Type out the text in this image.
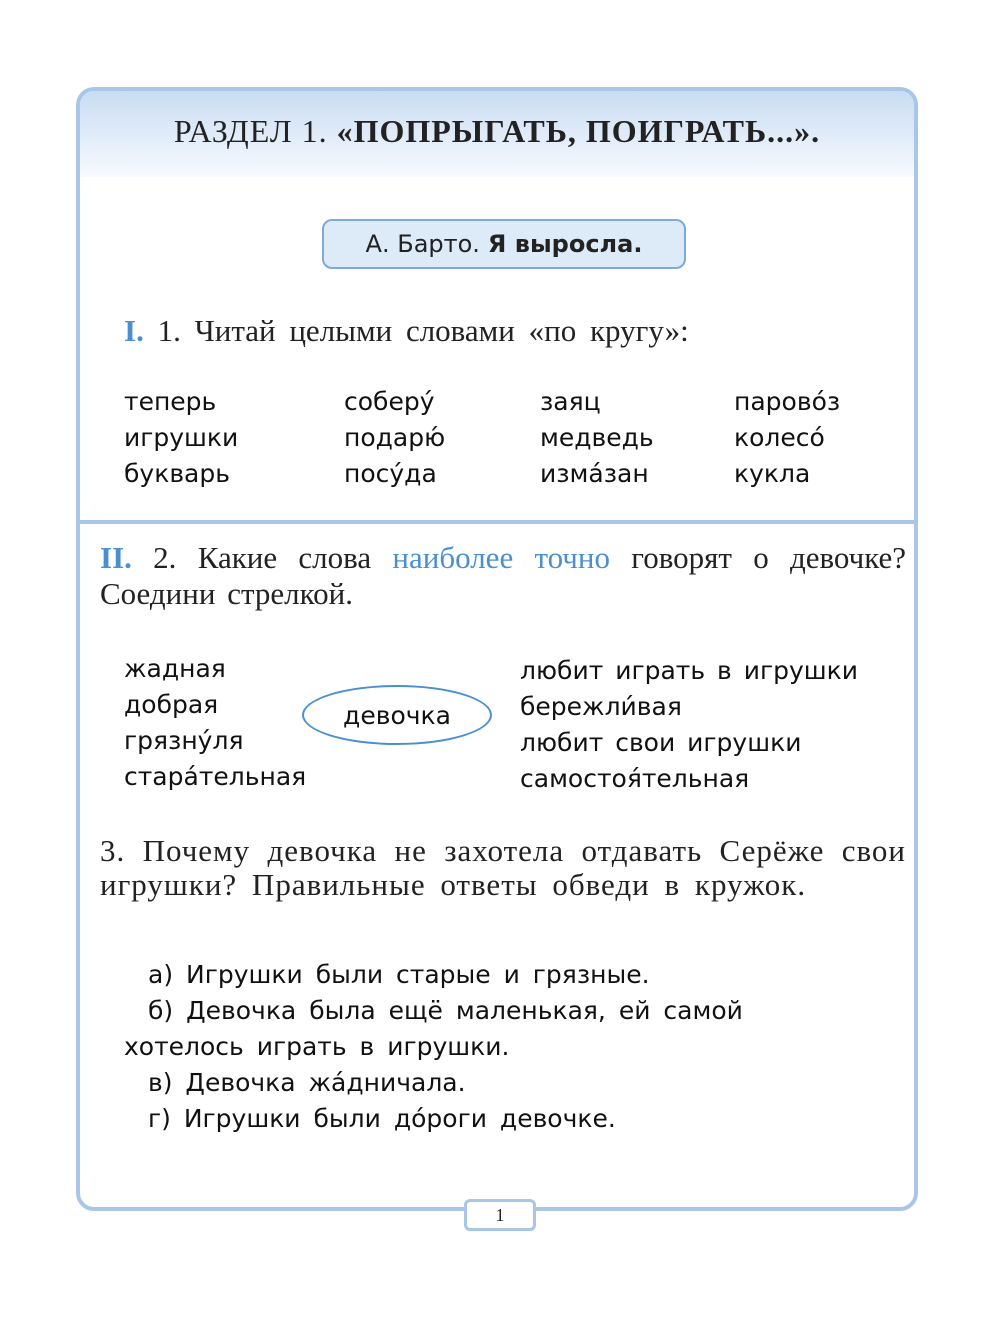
РАЗДЕЛ 1. «ПОПРЫГАТЬ, ПОИГРАТЬ...».
А. Барто. Я выросла.
I. 1. Читай целыми словами «по кругу»:
теперь	соберу́	заяц	парово́з
игрушки	подарю́	медведь	колесо́
букварь	посу́да	изма́зан	кукла
II. 2. Какие слова наиболее точно говорят о девочке? Соедини стрелкой.
жадная
добрая
грязну́ля
стара́тельная
девочка
любит играть в игрушки
бережли́вая
любит свои игрушки
самостоя́тельная
3. Почему девочка не захотела отдавать Серёже свои игрушки? Правильные ответы обведи в кружок.
а) Игрушки были старые и грязные.
б) Девочка была ещё маленькая, ей самой
хотелось играть в игрушки.
в) Девочка жа́дничала.
г) Игрушки были до́роги девочке.
1
